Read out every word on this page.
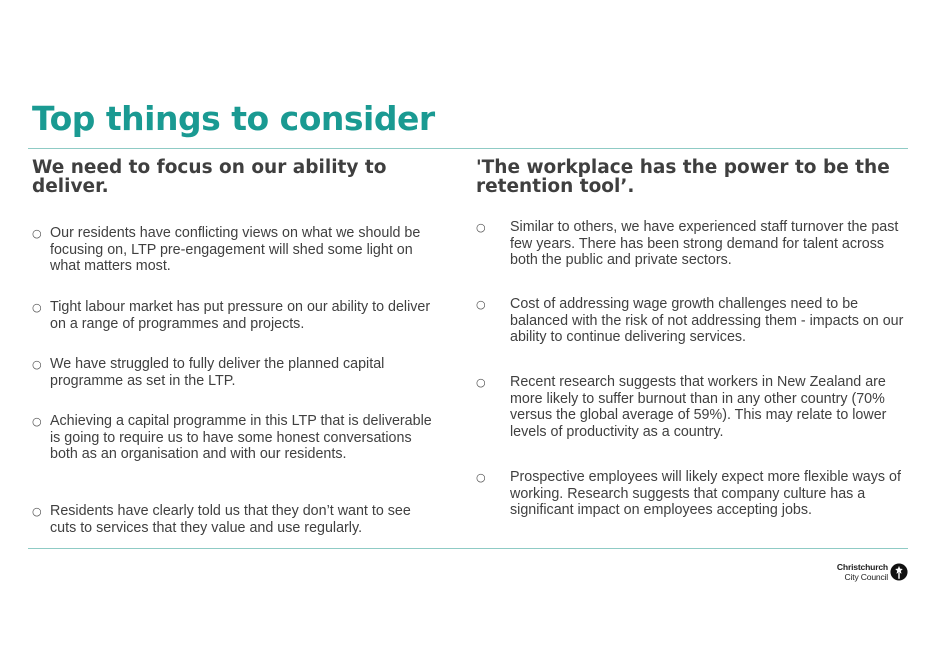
Top things to consider
We need to focus on our ability to deliver.
○ Our residents have conflicting views on what we should be focusing on, LTP pre-engagement will shed some light on what matters most.
○ Tight labour market has put pressure on our ability to deliver on a range of programmes and projects.
○ We have struggled to fully deliver the planned capital programme as set in the LTP.
○ Achieving a capital programme in this LTP that is deliverable is going to require us to have some honest conversations both as an organisation and with our residents.
○ Residents have clearly told us that they don’t want to see cuts to services that they value and use regularly.
'The workplace has the power to be the retention tool’.
○ Similar to others, we have experienced staff turnover the past few years. There has been strong demand for talent across both the public and private sectors.
○ Cost of addressing wage growth challenges need to be balanced with the risk of not addressing them - impacts on our ability to continue delivering services.
○ Recent research suggests that workers in New Zealand are more likely to suffer burnout than in any other country (70% versus the global average of 59%). This may relate to lower levels of productivity as a country.
○ Prospective employees will likely expect more flexible ways of working. Research suggests that company culture has a significant impact on employees accepting jobs.
Christchurch
City Council
